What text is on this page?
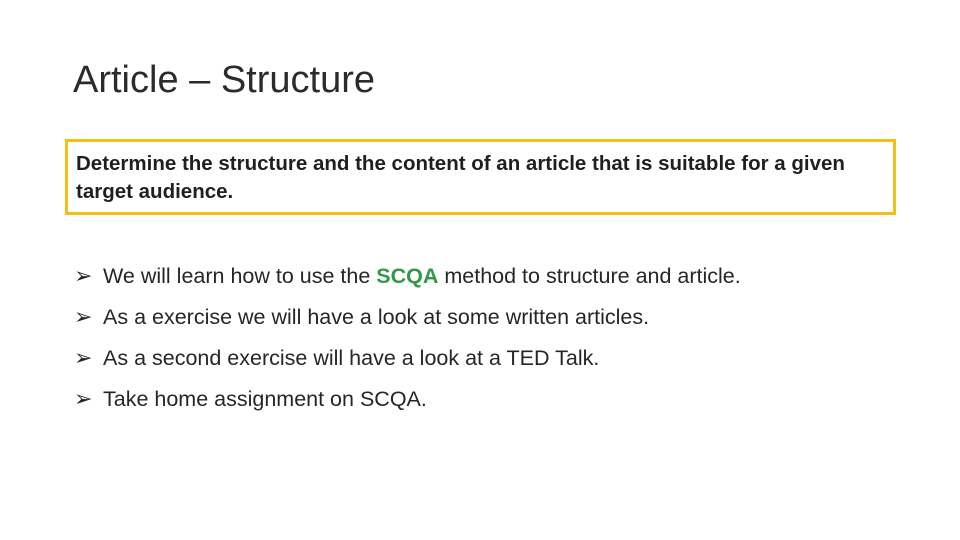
Article – Structure

Determine the structure and the content of an article that is suitable for a given target audience.

➢ We will learn how to use the SCQA method to structure and article.
➢ As a exercise we will have a look at some written articles.
➢ As a second exercise will have a look at a TED Talk.
➢ Take home assignment on SCQA.
